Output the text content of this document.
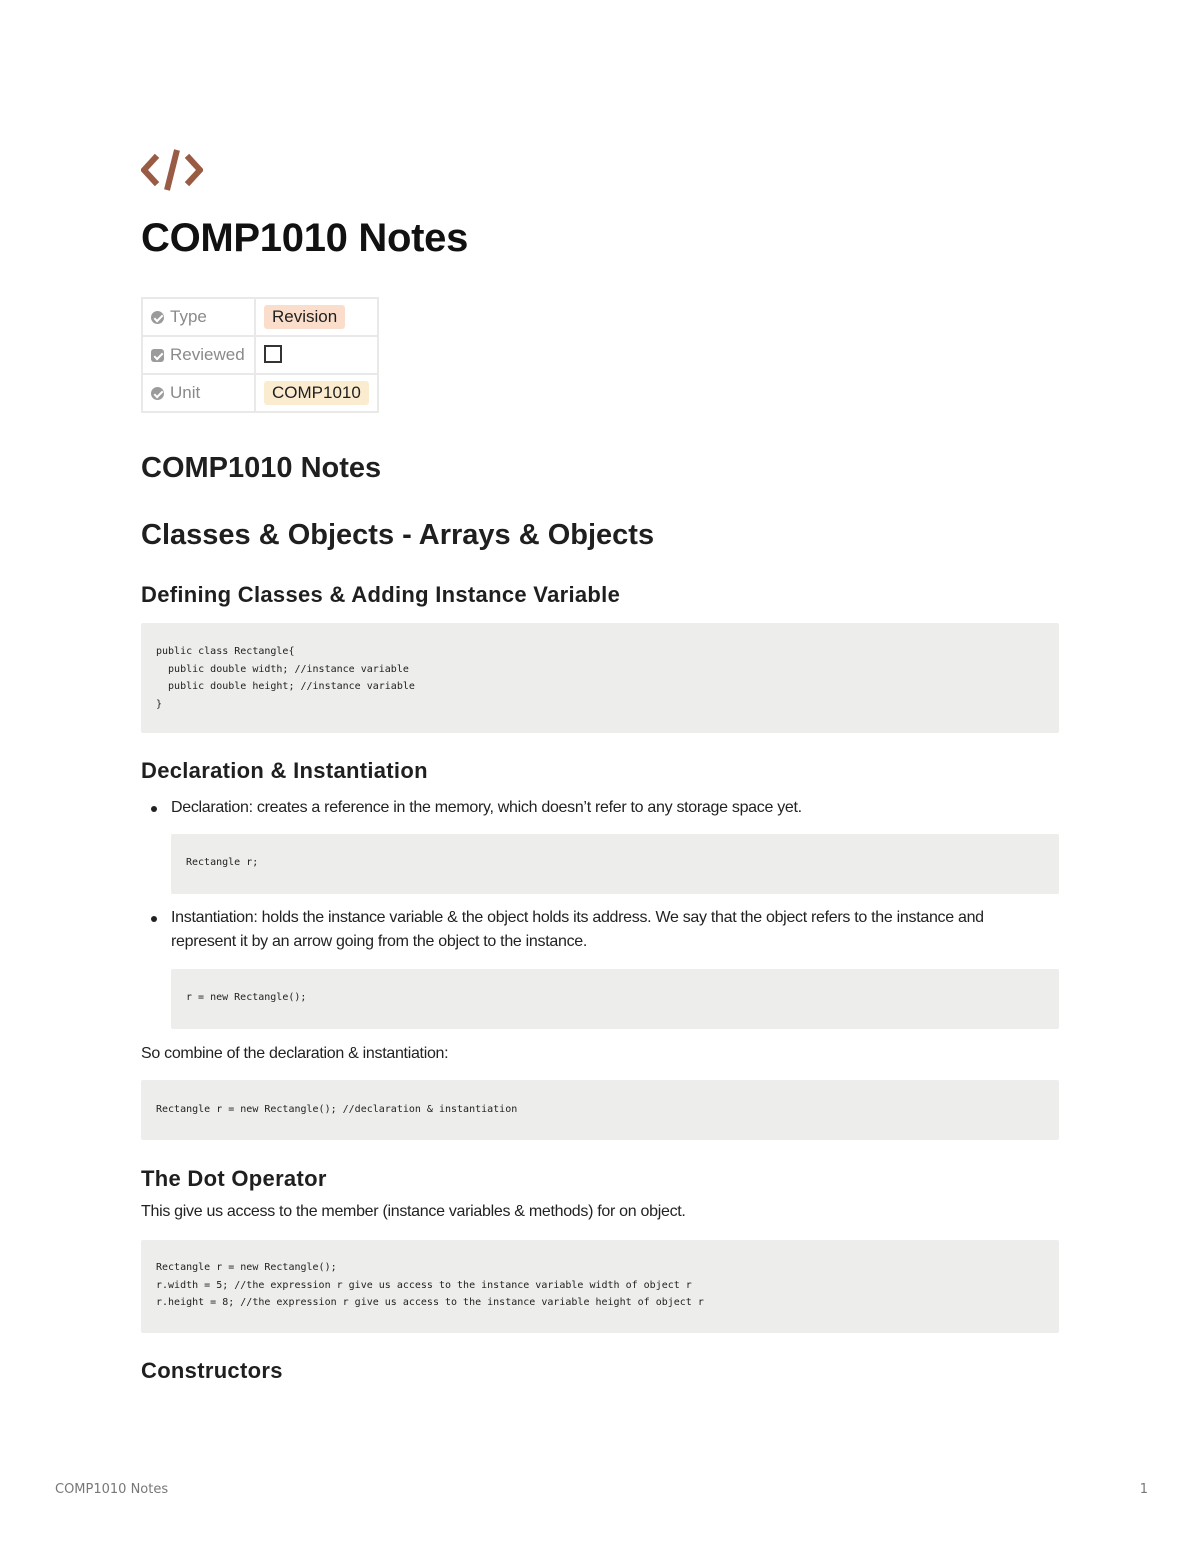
COMP1010 Notes
Type	Revision
Reviewed	
Unit	COMP1010
COMP1010 Notes
Classes & Objects - Arrays & Objects
Defining Classes & Adding Instance Variable
public class Rectangle{
public double width; //instance variable
public double height; //instance variable
}
Declaration & Instantiation

Declaration: creates a reference in the memory, which doesn’t refer to any storage space yet.

Rectangle r;

Instantiation: holds the instance variable & the object holds its address. We say that the object refers to the instance and represent it by an arrow going from the object to the instance.

r = new Rectangle();

So combine of the declaration & instantiation:

Rectangle r = new Rectangle(); //declaration & instantiation
The Dot Operator

This give us access to the member (instance variables & methods) for on object.

Rectangle r = new Rectangle();
r.width = 5; //the expression r give us access to the instance variable width of object r
r.height = 8; //the expression r give us access to the instance variable height of object r
Constructors
COMP1010 Notes	1
